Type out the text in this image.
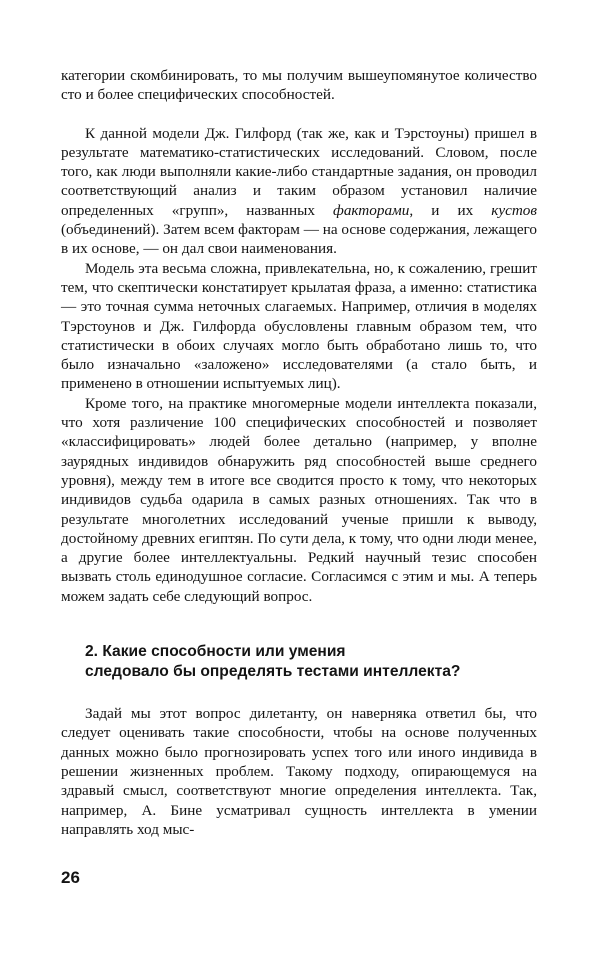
категории скомбинировать, то мы получим вышеупомянутое количество сто и более специфических способностей.

К данной модели Дж. Гилфорд (так же, как и Тэрстоуны) пришел в результате математико-статистических исследований. Словом, после того, как люди выполняли какие-либо стандартные задания, он проводил соответствующий анализ и таким образом установил наличие определенных «групп», названных факторами, и их кустов (объединений). Затем всем факторам — на основе содержания, лежащего в их основе, — он дал свои наименования.

Модель эта весьма сложна, привлекательна, но, к сожалению, грешит тем, что скептически констатирует крылатая фраза, а именно: статистика — это точная сумма неточных слагаемых. Например, отличия в моделях Тэрстоунов и Дж. Гилфорда обусловлены главным образом тем, что статистически в обоих случаях могло быть обработано лишь то, что было изначально «заложено» исследователями (а стало быть, и применено в отношении испытуемых лиц).

Кроме того, на практике многомерные модели интеллекта показали, что хотя различение 100 специфических способностей и позволяет «классифицировать» людей более детально (например, у вполне заурядных индивидов обнаружить ряд способностей выше среднего уровня), между тем в итоге все сводится просто к тому, что некоторых индивидов судьба одарила в самых разных отношениях. Так что в результате многолетних исследований ученые пришли к выводу, достойному древних египтян. По сути дела, к тому, что одни люди менее, а другие более интеллектуальны. Редкий научный тезис способен вызвать столь единодушное согласие. Согласимся с этим и мы. А теперь можем задать себе следующий вопрос.

2. Какие способности или умения
следовало бы определять тестами интеллекта?

Задай мы этот вопрос дилетанту, он наверняка ответил бы, что следует оценивать такие способности, чтобы на основе полученных данных можно было прогнозировать успех того или иного индивида в решении жизненных проблем. Такому подходу, опирающемуся на здравый смысл, соответствуют многие определения интеллекта. Так, например, А. Бине усматривал сущность интеллекта в умении направлять ход мыс-

26
